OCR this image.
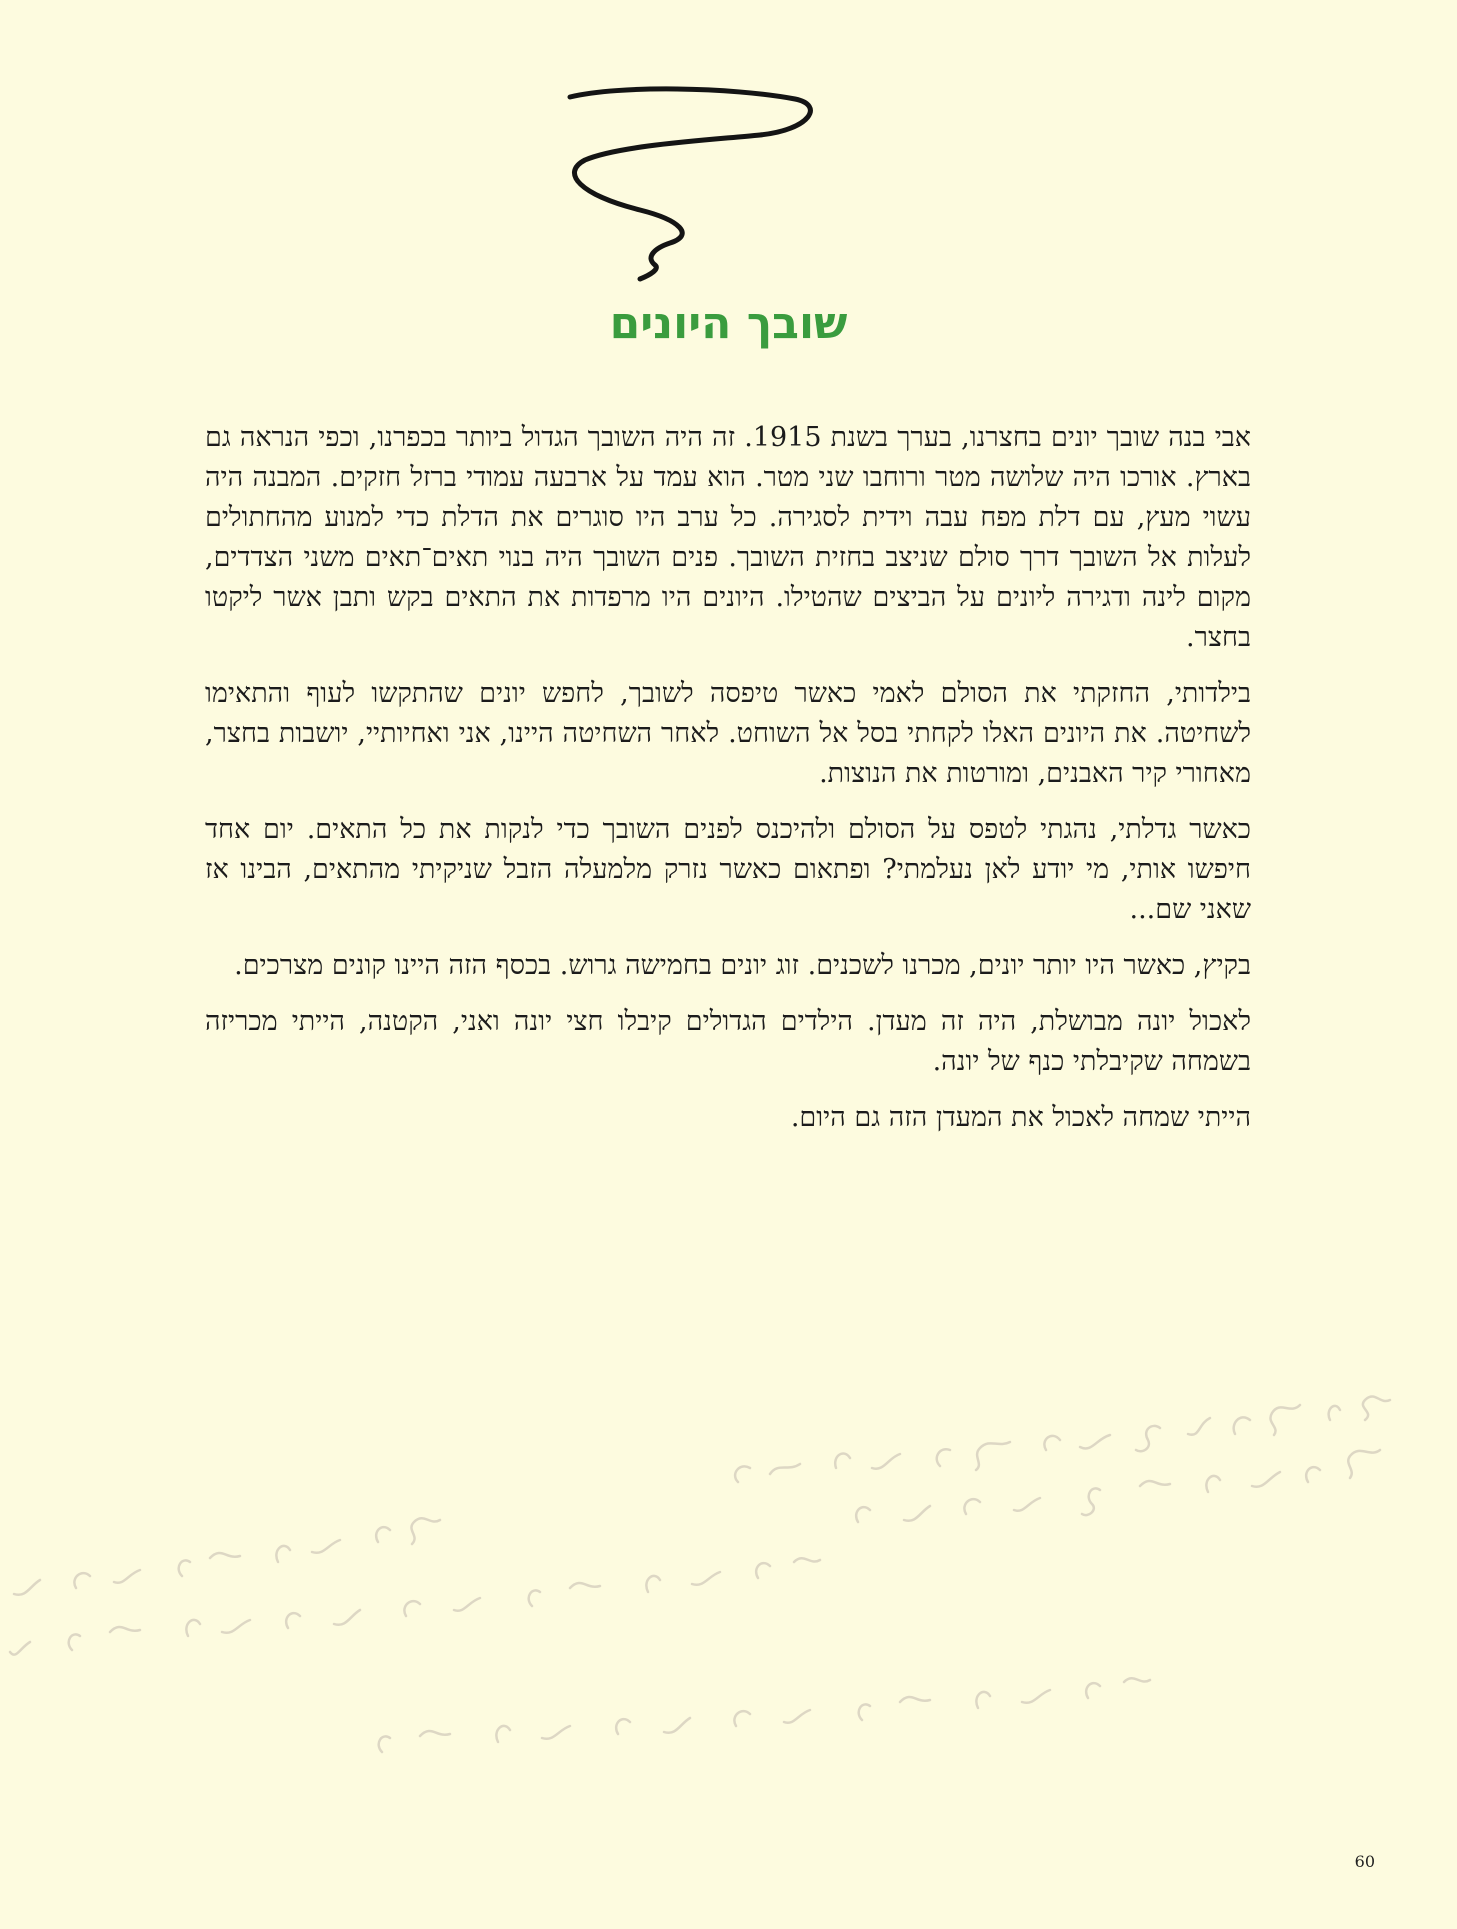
שובך היונים

אבי בנה שובך יונים בחצרנו, בערך בשנת 1915. זה היה השובך הגדול ביותר בכפרנו, וכפי הנראה גם בארץ. אורכו היה שלושה מטר ורוחבו שני מטר. הוא עמד על ארבעה עמודי ברזל חזקים. המבנה היה עשוי מעץ, עם דלת מפח עבה וידית לסגירה. כל ערב היו סוגרים את הדלת כדי למנוע מהחתולים לעלות אל השובך דרך סולם שניצב בחזית השובך. פנים השובך היה בנוי תאים־תאים משני הצדדים, מקום לינה ודגירה ליונים על הביצים שהטילו. היונים היו מרפדות את התאים בקש ותבן אשר ליקטו בחצר.

בילדותי, החזקתי את הסולם לאמי כאשר טיפסה לשובך, לחפש יונים שהתקשו לעוף והתאימו לשחיטה. את היונים האלו לקחתי בסל אל השוחט. לאחר השחיטה היינו, אני ואחיותיי, יושבות בחצר, מאחורי קיר האבנים, ומורטות את הנוצות.

כאשר גדלתי, נהגתי לטפס על הסולם ולהיכנס לפנים השובך כדי לנקות את כל התאים. יום אחד חיפשו אותי, מי יודע לאן נעלמתי? ופתאום כאשר נזרק מלמעלה הזבל שניקיתי מהתאים, הבינו אז שאני שם...

בקיץ, כאשר היו יותר יונים, מכרנו לשכנים. זוג יונים בחמישה גרוש. בכסף הזה היינו קונים מצרכים.

לאכול יונה מבושלת, היה זה מעדן. הילדים הגדולים קיבלו חצי יונה ואני, הקטנה, הייתי מכריזה בשמחה שקיבלתי כנף של יונה.

הייתי שמחה לאכול את המעדן הזה גם היום.

60
